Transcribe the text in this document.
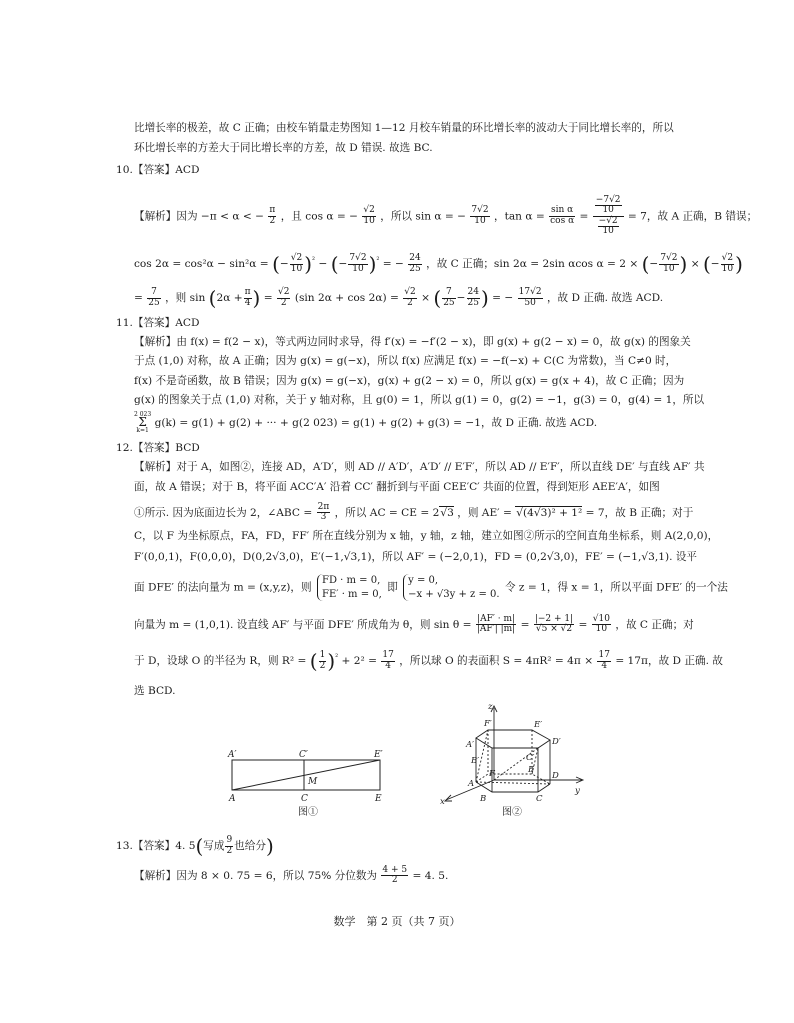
比增长率的极差，故 C 正确；由校车销量走势图知 1—12 月校车销量的环比增长率的波动大于同比增长率的，所以
环比增长率的方差大于同比增长率的方差，故 D 错误. 故选 BC.
10.【答案】ACD
【解析】因为 −π < α < − $\frac{\pi}{2}$ ，且 cos α = − $\frac{√2}{10}$ ，所以 sin α = − $\frac{7√2}{10}$ ，$\tan \alpha = \frac{\text{sin α}}{\text{cos α}} = \frac{\frac{-7√2}{10}}{\frac{-√2}{10}} = 7$，故 A 正确，B 错误；
cos 2α = cos²α − sin²α = (− $\frac{√2}{10} )^{^2}$ − (− $\frac{7√2}{10} )^{^2}$ = − $\frac{24}{25}$ ，故 C 正确；sin 2α = 2sin αcos α = 2 × (− $\frac{7√2}{10}$ ) × (− $\frac{√2}{10}$ )
= $\frac{7}{25}$ ，则 $\sin (2\alpha + \frac{\pi}{4}$ ) = $\frac{√2}{2} (\sin$ $2\alpha + \cos 2\alpha) = \frac{√2}{2}$ × ( $\frac{7}{25} - \frac{24}{25}$ ) = − $\frac{17√2}{50}$ ，故 D 正确. 故选 ACD.
11.【答案】ACD
【解析】由 f(x) = f(2 − x)，等式两边同时求导，得 f′(x) = −f′(2 − x)，即 g(x) + g(2 − x) = 0，故 g(x) 的图象关
于点 (1,0) 对称，故 A 正确；因为 g(x) = g(−x)，所以 f(x) 应满足 f(x) = −f(−x) + C(C 为常数)，当 C≠0 时，
f(x) 不是奇函数，故 B 错误；因为 g(x) = g(−x)，g(x) + g(2 − x) = 0，所以 g(x) = g(x + 4)，故 C 正确；因为
g(x) 的图象关于点 (1,0) 对称，关于 y 轴对称，且 g(0) = 1，所以 g(1) = 0，g(2) = −1，g(3) = 0，g(4) = 1，所以
2 023
Σ
k=1
g(k) = g(1) + g(2) + ··· + g(2 023) = g(1) + g(2) + g(3) = −1，故 D 正确. 故选 ACD.
12.【答案】BCD
【解析】对于 A，如图②，连接 AD，A′D′，则 AD // A′D′，A′D′ // E′F′，所以 AD // E′F′，所以直线 DE′ 与直线 AF′ 共
面，故 A 错误；对于 B，将平面 ACC′A′ 沿着 CC′ 翻折到与平面 CEE′C′ 共面的位置，得到矩形 AEE′A′，如图
①所示. 因为底面边长为 2，∠ABC = $\frac{2\pi}{3}$ ，所以 AC = CE = 2√3 ，则 AE′ = √(4√3)² + 1² = 7，故 B 正确；对于
C，以 F 为坐标原点，FA，FD，FF′ 所在直线分别为 x 轴，y 轴，z 轴，建立如图②所示的空间直角坐标系，则 A(2,0,0)，
F′(0,0,1)，F(0,0,0)，D(0,2√3,0)，E′(−1,√3,1)，所以 AF′ = (−2,0,1)，FD = (0,2√3,0)，FE′ = (−1,√3,1). 设平
面 DFE′ 的法向量为 m = (x,y,z)，则
FD · m = 0,
FE′ · m = 0,
即
y = 0,
−x + √3y + z = 0.
令 z = 1，得 x = 1，所以平面 DFE′ 的一个法
向量为 m = (1,0,1). 设直线 AF′ 与平面 DFE′ 所成角为 θ，则 $\sin \theta = \frac{|AF' \cdot m|}{|AF'| |m|} = \frac{|-2 + 1|}{√5 \times √2} = \frac{√10}{10}$ ，故 C 正确；对
于 D，设球 O 的半径为 R，则 R² = ( $\frac{1}{2} )^{^2} + 2^2 = \frac{17}{4}$ ，所以球 O 的表面积 $S = 4\pi R^2 = 4\pi \times \frac{17}{4} = 17\pi$，故 D 正确. 故
选 BCD.
A′	C′	E′
M
A	C	E
图①
z
E′
F′
D′
A′
B′	C′
F	E
D
A
B	C
x
y
图②
13.【答案】4. 5(写成 $\frac{9}{2}$ 也给分)
【解析】因为 8 × 0. 75 = 6，所以 75% 分位数为 $\frac{4 + 5}{2} = 4$. 5.
数学　第 2 页（共 7 页）
